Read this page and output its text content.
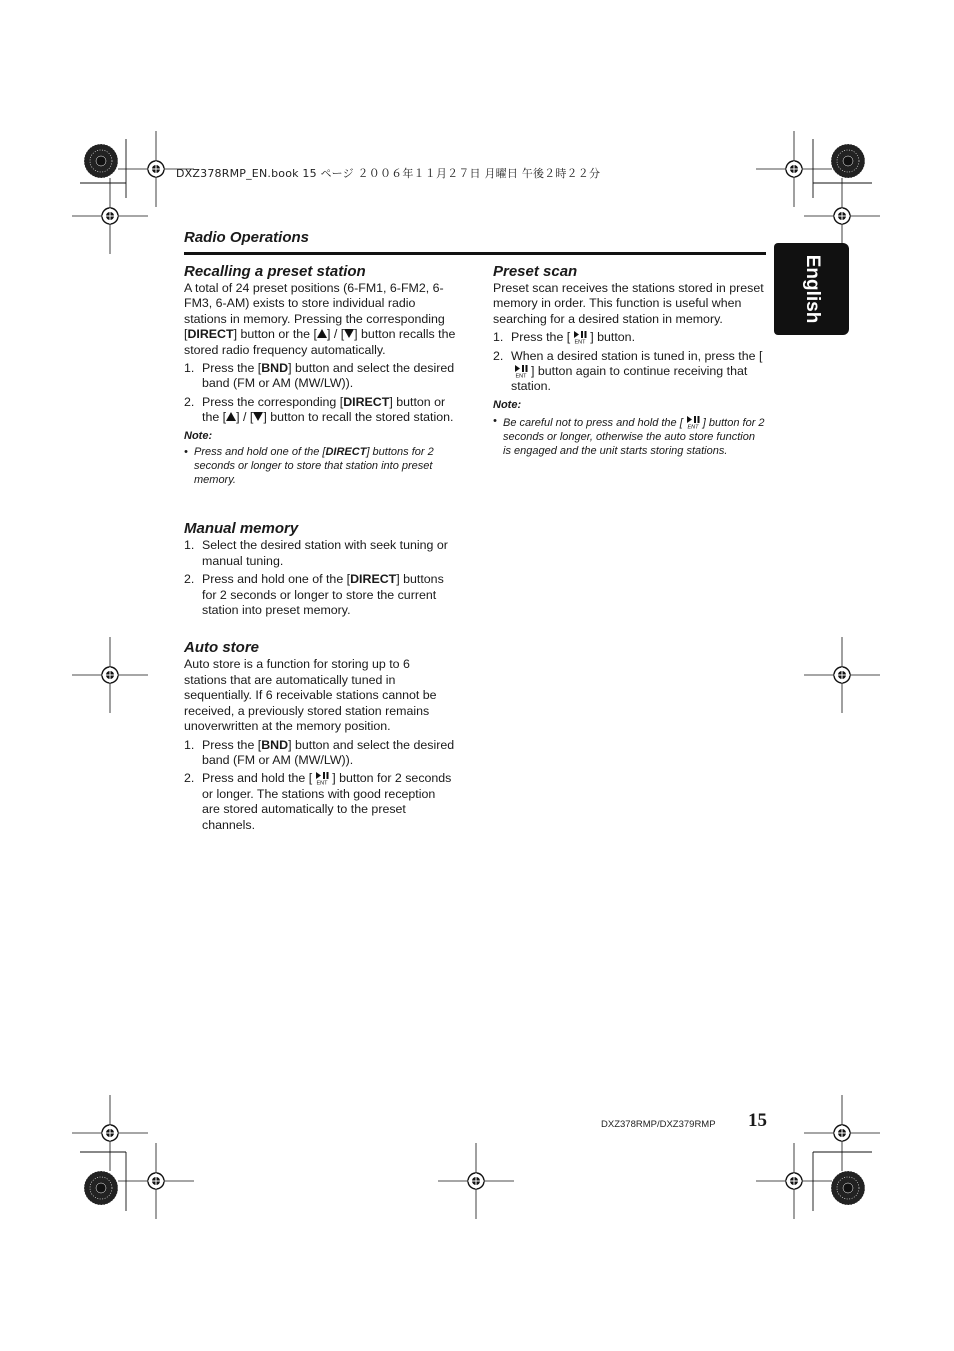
DXZ378RMP_EN.book 15 ページ ２００６年１１月２７日 月曜日 午後２時２２分
Radio Operations
English
Recalling a preset station

A total of 24 preset positions (6-FM1, 6-FM2, 6-FM3, 6-AM) exists to store individual radio stations in memory. Pressing the corresponding [DIRECT] button or the [ ] / [ ] button recalls the stored radio frequency automatically.

1. Press the [BND] button and select the desired band (FM or AM (MW/LW)).
2. Press the corresponding [DIRECT] button or the [ ] / [ ] button to recall the stored station.
Note:
• Press and hold one of the [DIRECT] buttons for 2 seconds or longer to store that station into preset memory.
Manual memory
1. Select the desired station with seek tuning or manual tuning.
2. Press and hold one of the [DIRECT] buttons for 2 seconds or longer to store the current station into preset memory.
Auto store

Auto store is a function for storing up to 6 stations that are automatically tuned in sequentially. If 6 receivable stations cannot be received, a previously stored station remains unoverwritten at the memory position.

1. Press the [BND] button and select the desired band (FM or AM (MW/LW)).
2. Press and hold the [ ENT ] button for 2 seconds or longer. The stations with good reception are stored automatically to the preset channels.
Preset scan

Preset scan receives the stations stored in preset memory in order. This function is useful when searching for a desired station in memory.

1. Press the [ ENT ] button.
2. When a desired station is tuned in, press the [
ENT ] button again to continue receiving that station.
Note:
• Be careful not to press and hold the [ ENT ] button for 2 seconds or longer, otherwise the auto store function is engaged and the unit starts storing stations.
DXZ378RMP/DXZ379RMP 15
